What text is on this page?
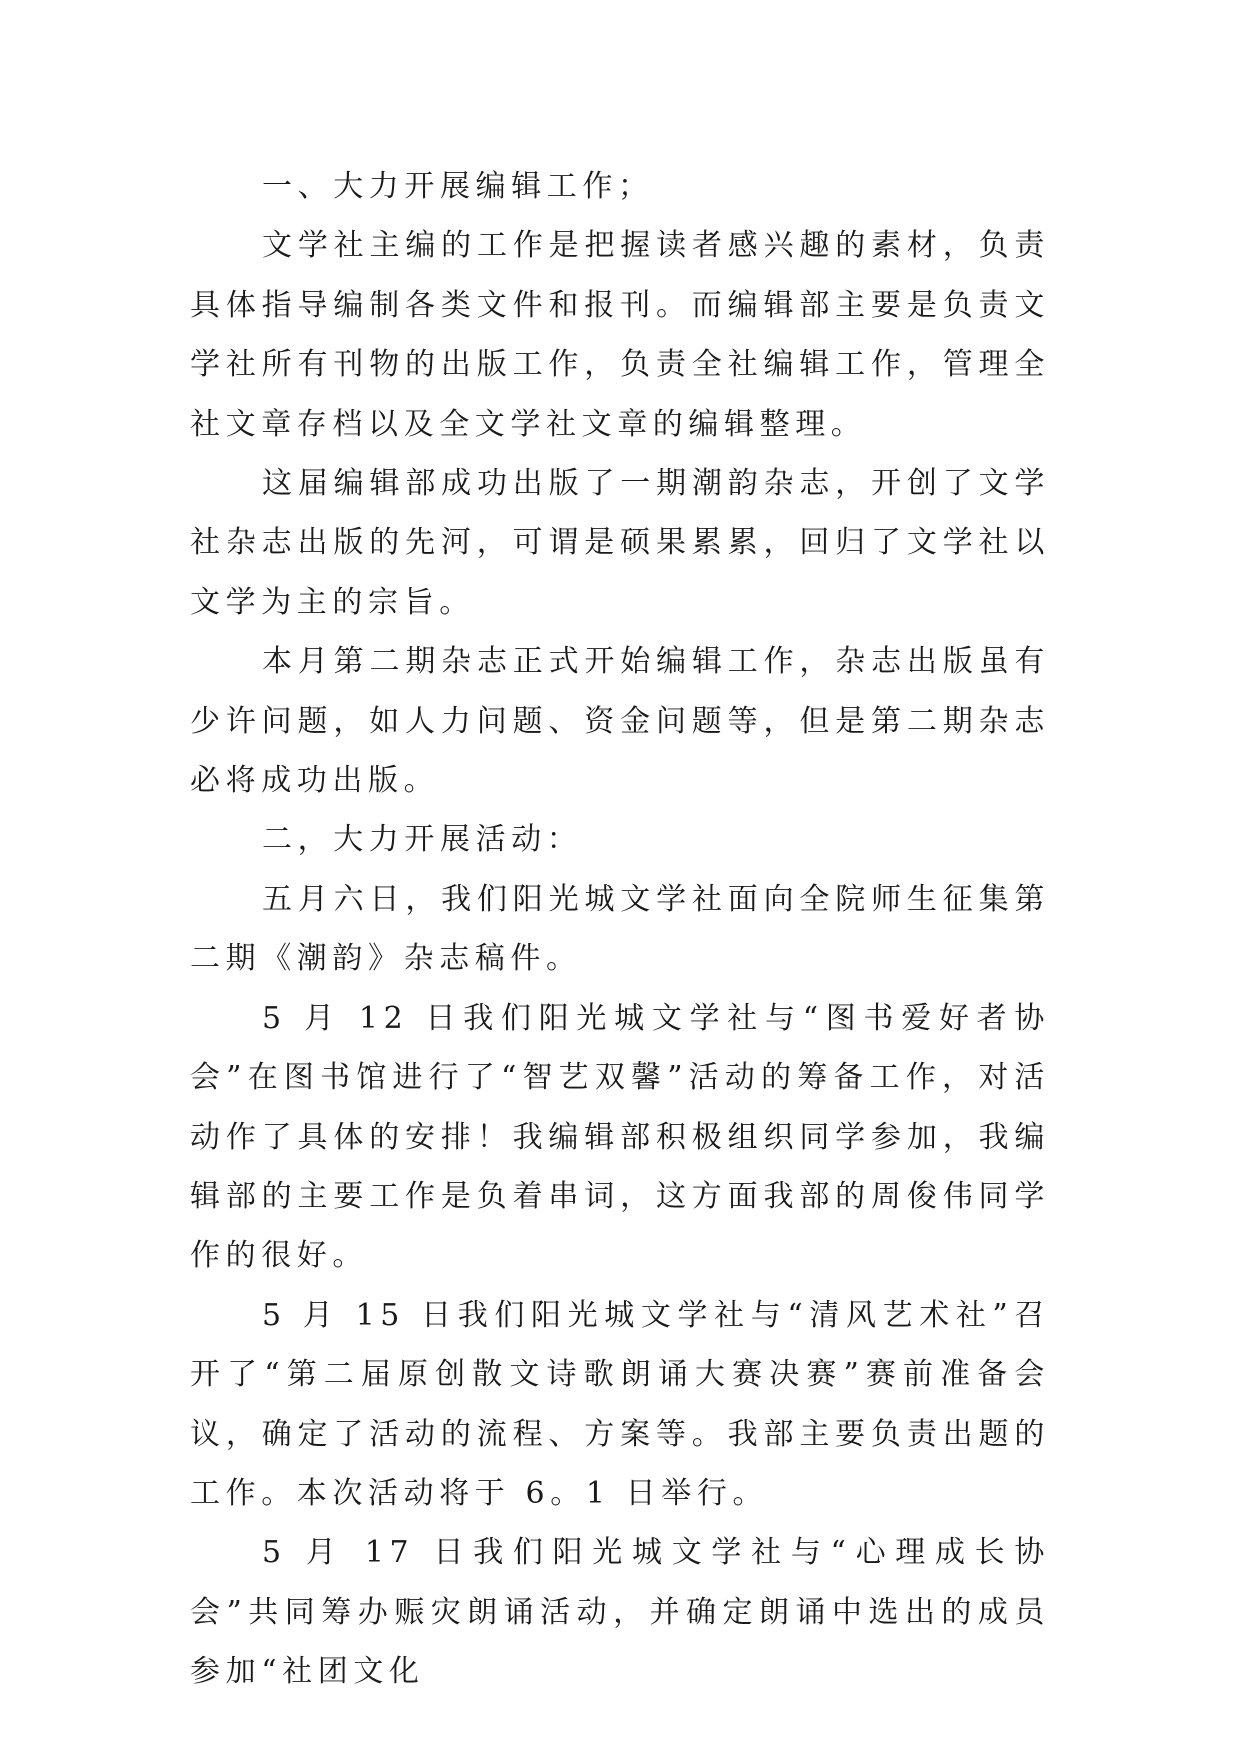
一、大力开展编辑工作；

文学社主编的工作是把握读者感兴趣的素材，负责具体指导编制各类文件和报刊。而编辑部主要是负责文学社所有刊物的出版工作，负责全社编辑工作，管理全社文章存档以及全文学社文章的编辑整理。

这届编辑部成功出版了一期潮韵杂志，开创了文学社杂志出版的先河，可谓是硕果累累，回归了文学社以文学为主的宗旨。

本月第二期杂志正式开始编辑工作，杂志出版虽有少许问题，如人力问题、资金问题等，但是第二期杂志必将成功出版。

二，大力开展活动：

五月六日，我们阳光城文学社面向全院师生征集第二期《潮韵》杂志稿件。

5 月 12 日我们阳光城文学社与“图书爱好者协会”在图书馆进行了“智艺双馨”活动的筹备工作，对活动作了具体的安排！我编辑部积极组织同学参加，我编辑部的主要工作是负着串词，这方面我部的周俊伟同学作的很好。

5 月 15 日我们阳光城文学社与“清风艺术社”召开了“第二届原创散文诗歌朗诵大赛决赛”赛前准备会议，确定了活动的流程、方案等。我部主要负责出题的工作。本次活动将于 6。1 日举行。

5 月 17 日我们阳光城文学社与“心理成长协会”共同筹办赈灾朗诵活动，并确定朗诵中选出的成员参加“社团文化
